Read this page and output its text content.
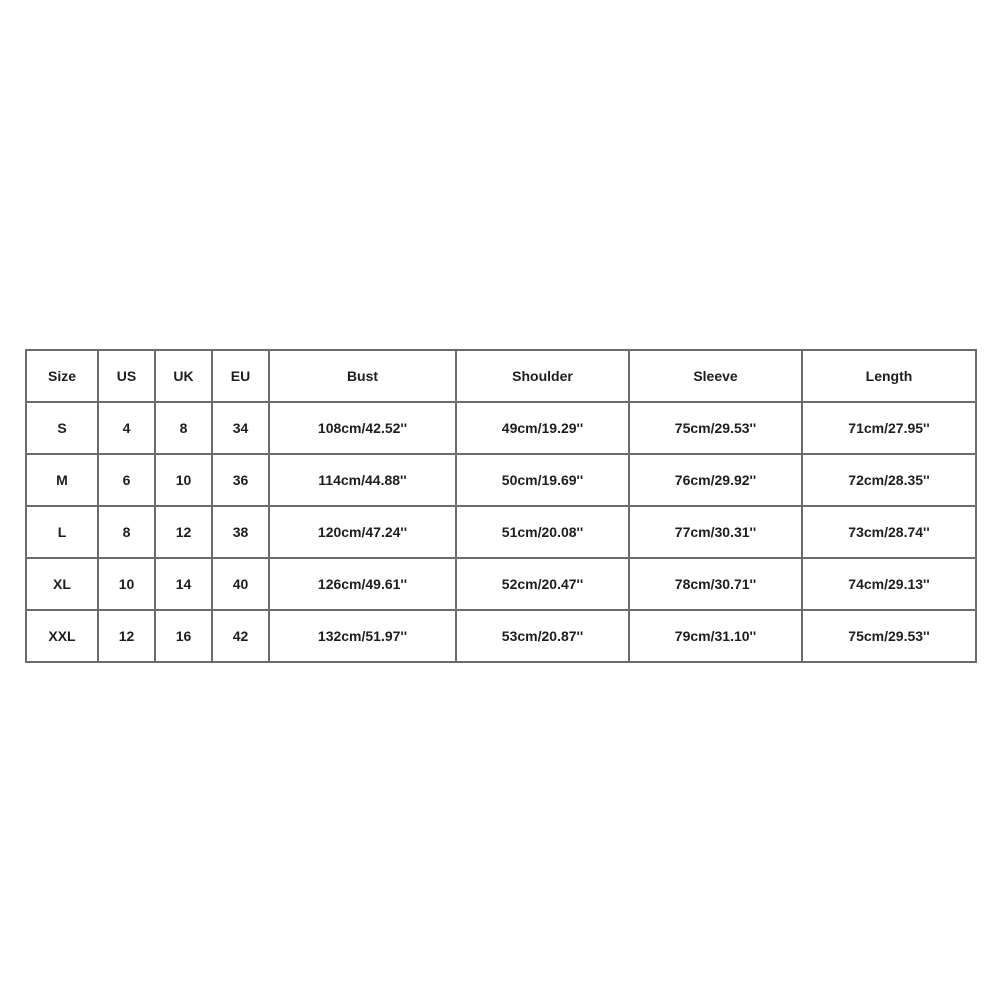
Size	US	UK	EU	Bust	Shoulder	Sleeve	Length
S	4	8	34	108cm/42.52''	49cm/19.29''	75cm/29.53''	71cm/27.95''
M	6	10	36	114cm/44.88''	50cm/19.69''	76cm/29.92''	72cm/28.35''
L	8	12	38	120cm/47.24''	51cm/20.08''	77cm/30.31''	73cm/28.74''
XL	10	14	40	126cm/49.61''	52cm/20.47''	78cm/30.71''	74cm/29.13''
XXL	12	16	42	132cm/51.97''	53cm/20.87''	79cm/31.10''	75cm/29.53''
